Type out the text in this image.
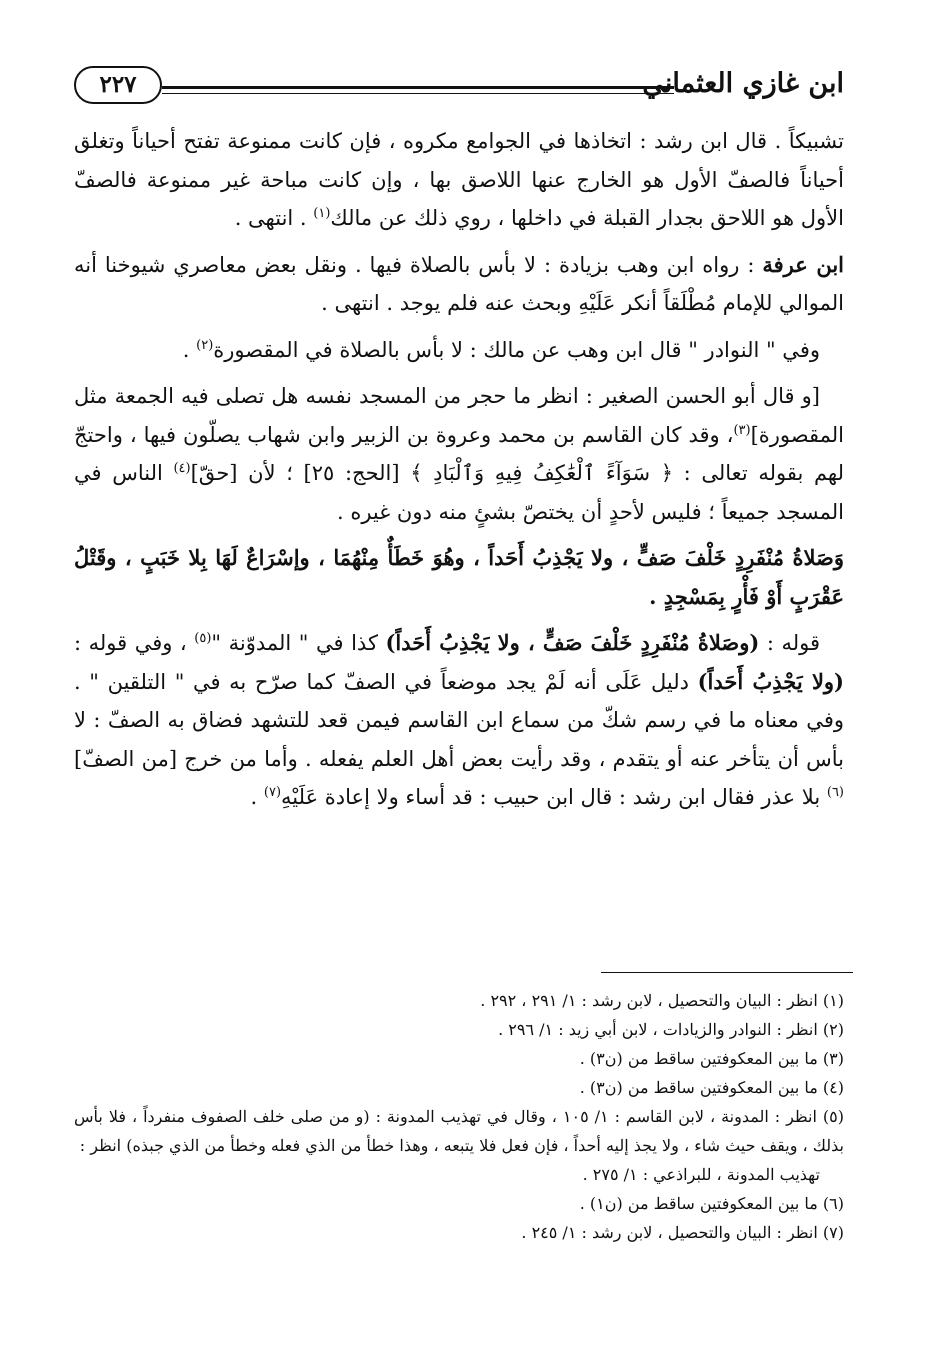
ابن غازي العثماني
٢٢٧

تشبيكاً . قال ابن رشد : اتخاذها في الجوامع مكروه ، فإن كانت ممنوعة تفتح أحياناً وتغلق أحياناً فالصفّ الأول هو الخارج عنها اللاصق بها ، وإن كانت مباحة غير ممنوعة فالصفّ الأول هو اللاحق بجدار القبلة في داخلها ، روي ذلك عن مالك$^{(١)}$ . انتهى .

ابن عرفة : رواه ابن وهب بزيادة : لا بأس بالصلاة فيها . ونقل بعض معاصري شيوخنا أنه الموالي للإمام مُطْلَقاً أنكر عَلَيْهِ وبحث عنه فلم يوجد . انتهى .

وفي " النوادر " قال ابن وهب عن مالك : لا بأس بالصلاة في المقصورة$^{(٢)}$ .

[و قال أبو الحسن الصغير : انظر ما حجر من المسجد نفسه هل تصلى فيه الجمعة مثل المقصورة]$^{(٣)}$، وقد كان القاسم بن محمد وعروة بن الزبير وابن شهاب يصلّون فيها ، واحتجّ لهم بقوله تعالى : ﴿ سَوَآءً ٱلْعَٰكِفُ فِيهِ وَٱلْبَادِ ﴾ [الحج: ٢٥] ؛ لأن [حقّ]$^{(٤)}$ الناس في المسجد جميعاً ؛ فليس لأحدٍ أن يختصّ بشئٍ منه دون غيره .

وَصَلاةُ مُنْفَرِدٍ خَلْفَ صَفٍّ ، ولا يَجْذِبُ أَحَداً ، وهُوَ خَطَأٌ مِنْهُمَا ، وإسْرَاعٌ لَهَا بِلا خَبَبٍ ، وقَتْلُ عَقْرَبٍ أَوْ فَأْرٍ بِمَسْجِدٍ .

قوله : (وصَلاةُ مُنْفَرِدٍ خَلْفَ صَفٍّ ، ولا يَجْذِبُ أَحَداً) كذا في " المدوّنة "$^{(٥)}$ ، وفي قوله : (ولا يَجْذِبُ أَحَداً) دليل عَلَى أنه لَمْ يجد موضعاً في الصفّ كما صرّح به في " التلقين " . وفي معناه ما في رسم شكّ من سماع ابن القاسم فيمن قعد للتشهد فضاق به الصفّ : لا بأس أن يتأخر عنه أو يتقدم ، وقد رأيت بعض أهل العلم يفعله . وأما من خرج [من الصفّ]$^{(٦)}$ بلا عذر فقال ابن رشد : قال ابن حبيب : قد أساء ولا إعادة عَلَيْهِ$^{(٧)}$ .

(١) انظر : البيان والتحصيل ، لابن رشد : ١/ ٢٩١ ، ٢٩٢ .

(٢) انظر : النوادر والزيادات ، لابن أبي زيد : ١/ ٢٩٦ .

(٣) ما بين المعكوفتين ساقط من (ن٣) .

(٤) ما بين المعكوفتين ساقط من (ن٣) .

(٥) انظر : المدونة ، لابن القاسم : ١/ ١٠٥ ، وقال في تهذيب المدونة : (و من صلى خلف الصفوف منفرداً ، فلا بأس بذلك ، ويقف حيث شاء ، ولا يجذ إليه أحداً ، فإن فعل فلا يتبعه ، وهذا خطأ من الذي فعله وخطأ من الذي جبذه) انظر :

تهذيب المدونة ، للبراذعي : ١/ ٢٧٥ .

(٦) ما بين المعكوفتين ساقط من (ن١) .

(٧) انظر : البيان والتحصيل ، لابن رشد : ١/ ٢٤٥ .
